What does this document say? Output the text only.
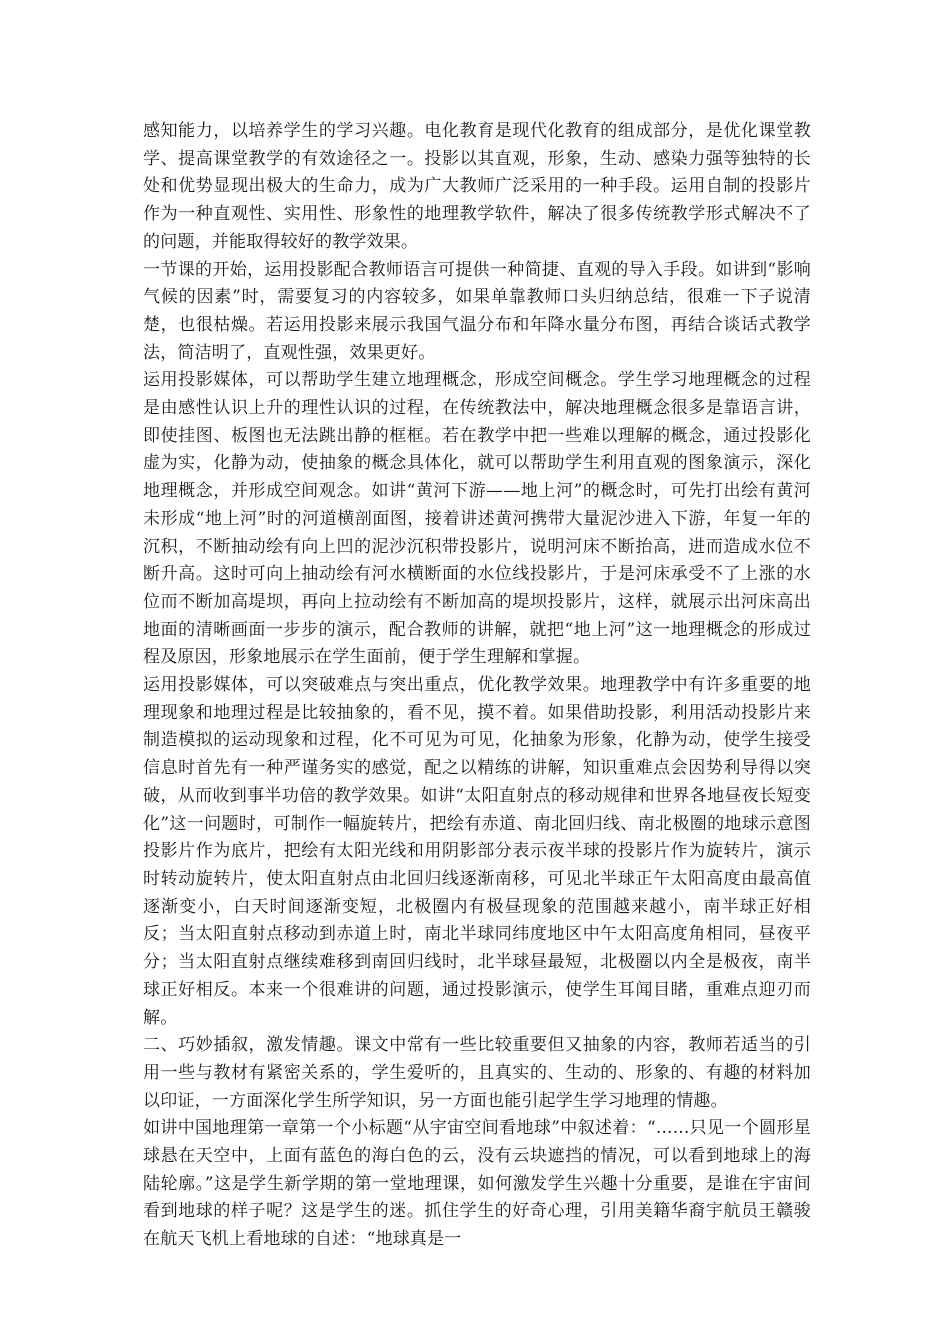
感知能力，以培养学生的学习兴趣。电化教育是现代化教育的组成部分，是优化课堂教学、提高课堂教学的有效途径之一。投影以其直观，形象，生动、感染力强等独特的长处和优势显现出极大的生命力，成为广大教师广泛采用的一种手段。运用自制的投影片作为一种直观性、实用性、形象性的地理教学软件，解决了很多传统教学形式解决不了的问题，并能取得较好的教学效果。

一节课的开始，运用投影配合教师语言可提供一种简捷、直观的导入手段。如讲到“影响气候的因素”时，需要复习的内容较多，如果单靠教师口头归纳总结，很难一下子说清楚，也很枯燥。若运用投影来展示我国气温分布和年降水量分布图，再结合谈话式教学法，简洁明了，直观性强，效果更好。

运用投影媒体，可以帮助学生建立地理概念，形成空间概念。学生学习地理概念的过程是由感性认识上升的理性认识的过程，在传统教法中，解决地理概念很多是靠语言讲，即使挂图、板图也无法跳出静的框框。若在教学中把一些难以理解的概念，通过投影化虚为实，化静为动，使抽象的概念具体化，就可以帮助学生利用直观的图象演示，深化地理概念，并形成空间观念。如讲“黄河下游——地上河”的概念时，可先打出绘有黄河未形成“地上河”时的河道横剖面图，接着讲述黄河携带大量泥沙进入下游，年复一年的沉积，不断抽动绘有向上凹的泥沙沉积带投影片，说明河床不断抬高，进而造成水位不断升高。这时可向上抽动绘有河水横断面的水位线投影片，于是河床承受不了上涨的水位而不断加高堤坝，再向上拉动绘有不断加高的堤坝投影片，这样，就展示出河床高出地面的清晰画面一步步的演示，配合教师的讲解，就把“地上河”这一地理概念的形成过程及原因，形象地展示在学生面前，便于学生理解和掌握。

运用投影媒体，可以突破难点与突出重点，优化教学效果。地理教学中有许多重要的地理现象和地理过程是比较抽象的，看不见，摸不着。如果借助投影，利用活动投影片来制造模拟的运动现象和过程，化不可见为可见，化抽象为形象，化静为动，使学生接受信息时首先有一种严谨务实的感觉，配之以精练的讲解，知识重难点会因势利导得以突破，从而收到事半功倍的教学效果。如讲“太阳直射点的移动规律和世界各地昼夜长短变化”这一问题时，可制作一幅旋转片，把绘有赤道、南北回归线、南北极圈的地球示意图投影片作为底片，把绘有太阳光线和用阴影部分表示夜半球的投影片作为旋转片，演示时转动旋转片，使太阳直射点由北回归线逐渐南移，可见北半球正午太阳高度由最高值逐渐变小，白天时间逐渐变短，北极圈内有极昼现象的范围越来越小，南半球正好相反；当太阳直射点移动到赤道上时，南北半球同纬度地区中午太阳高度角相同，昼夜平分；当太阳直射点继续难移到南回归线时，北半球昼最短，北极圈以内全是极夜，南半球正好相反。本来一个很难讲的问题，通过投影演示，使学生耳闻目睹，重难点迎刃而解。

二、巧妙插叙，激发情趣。课文中常有一些比较重要但又抽象的内容，教师若适当的引用一些与教材有紧密关系的，学生爱听的，且真实的、生动的、形象的、有趣的材料加以印证，一方面深化学生所学知识，另一方面也能引起学生学习地理的情趣。

如讲中国地理第一章第一个小标题“从宇宙空间看地球”中叙述着：“......只见一个圆形星球悬在天空中，上面有蓝色的海白色的云，没有云块遮挡的情况，可以看到地球上的海陆轮廓。”这是学生新学期的第一堂地理课，如何激发学生兴趣十分重要，是谁在宇宙间看到地球的样子呢？这是学生的迷。抓住学生的好奇心理，引用美籍华裔宇航员王赣骏在航天飞机上看地球的自述：“地球真是一
